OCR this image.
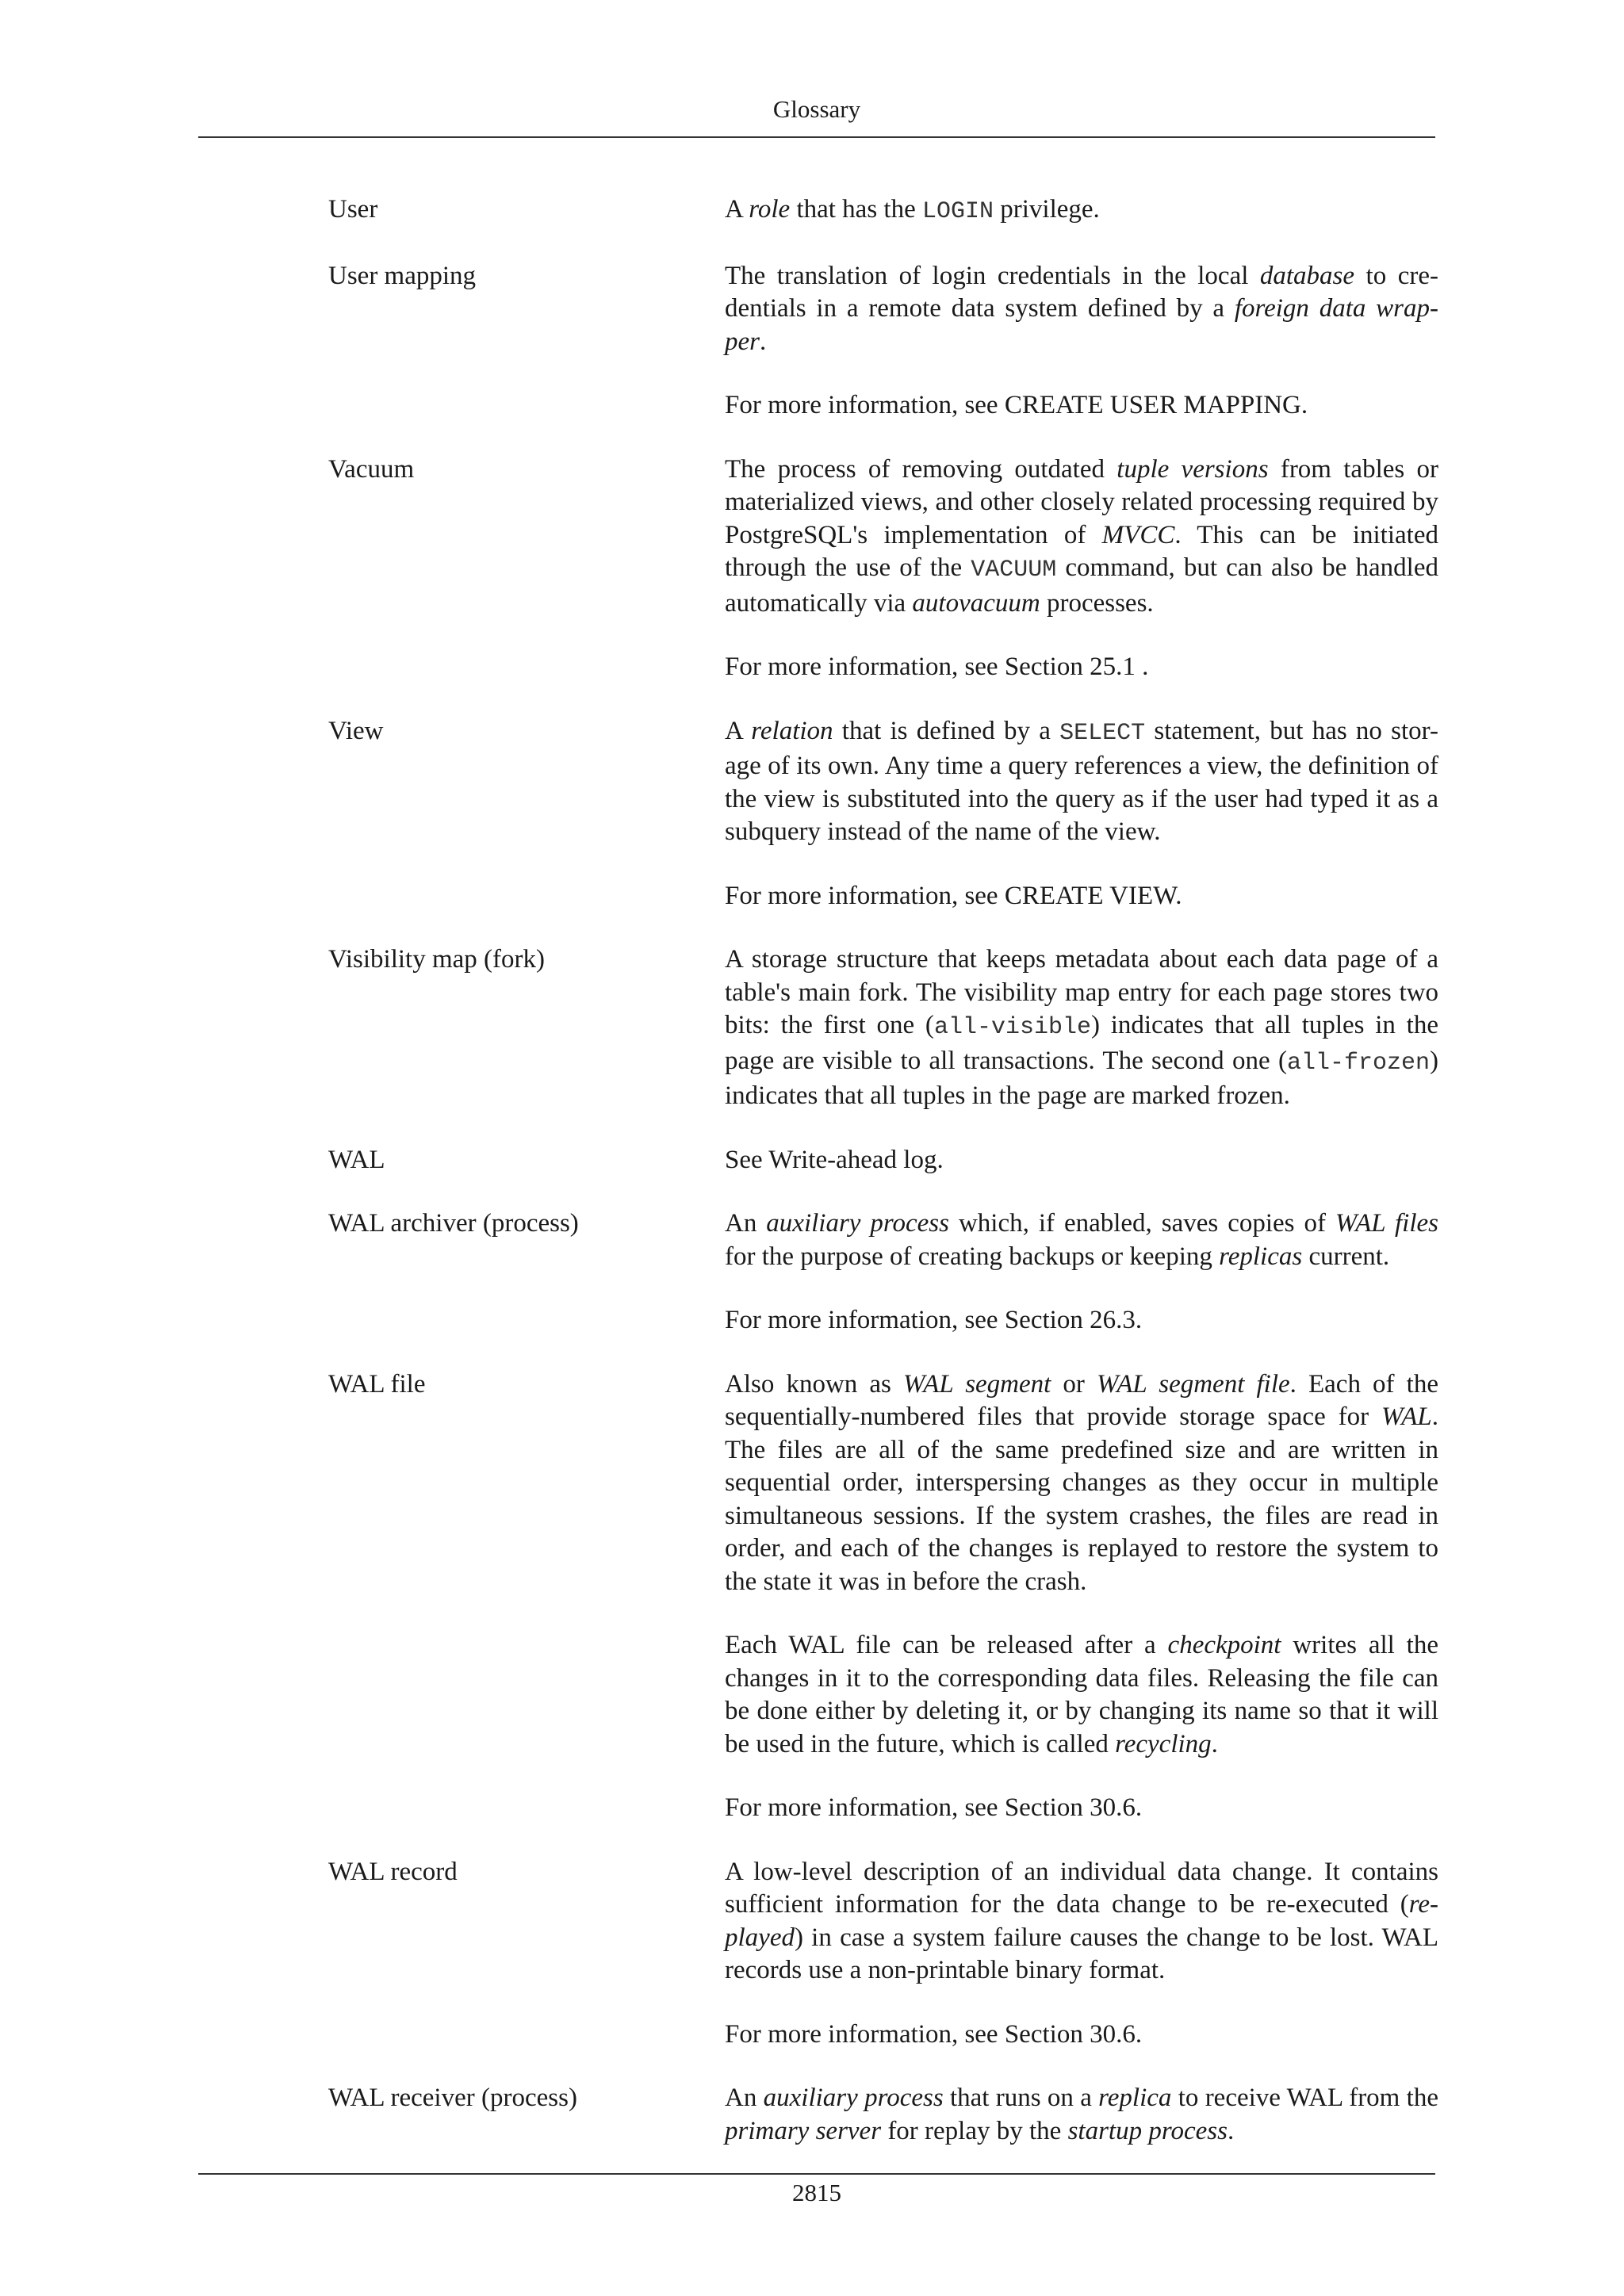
Glossary
User	A role that has the LOGIN privilege.

User mapping	The translation of login credentials in the local database to cre-dentials in a remote data system defined by a foreign data wrap-per.

For more information, see CREATE USER MAPPING.

Vacuum	The process of removing outdated tuple versions from tables or materialized views, and other closely related processing required by PostgreSQL's implementation of MVCC. This can be initiated through the use of the VACUUM command, but can also be handled automatically via autovacuum processes.

For more information, see Section 25.1 .

View	A relation that is defined by a SELECT statement, but has no stor-age of its own. Any time a query references a view, the definition of the view is substituted into the query as if the user had typed it as a subquery instead of the name of the view.

For more information, see CREATE VIEW.

Visibility map (fork)	A storage structure that keeps metadata about each data page of a table's main fork. The visibility map entry for each page stores two bits: the first one (all-visible) indicates that all tuples in the page are visible to all transactions. The second one (all-frozen) indicates that all tuples in the page are marked frozen.

WAL	See Write-ahead log.

WAL archiver (process)	An auxiliary process which, if enabled, saves copies of WAL files for the purpose of creating backups or keeping replicas current.

For more information, see Section 26.3.

WAL file	Also known as WAL segment or WAL segment file. Each of the sequentially-numbered files that provide storage space for WAL. The files are all of the same predefined size and are written in sequential order, interspersing changes as they occur in multiple simultaneous sessions. If the system crashes, the files are read in order, and each of the changes is replayed to restore the system to the state it was in before the crash.

Each WAL file can be released after a checkpoint writes all the changes in it to the corresponding data files. Releasing the file can be done either by deleting it, or by changing its name so that it will be used in the future, which is called recycling.

For more information, see Section 30.6.

WAL record	A low-level description of an individual data change. It contains sufficient information for the data change to be re-executed (re-played) in case a system failure causes the change to be lost. WAL records use a non-printable binary format.

For more information, see Section 30.6.

WAL receiver (process)	An auxiliary process that runs on a replica to receive WAL from the primary server for replay by the startup process.

2815
